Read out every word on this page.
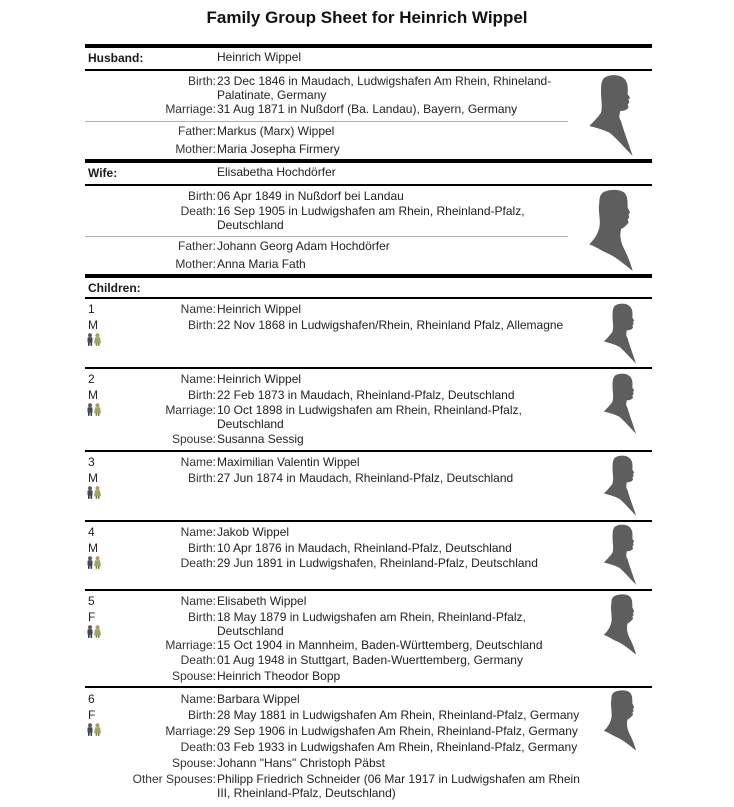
Family Group Sheet for Heinrich Wippel
Husband:	Heinrich Wippel
Birth: 23 Dec 1846 in Maudach, Ludwigshafen Am Rhein, Rhineland-
Palatinate, Germany
Marriage: 31 Aug 1871 in Nußdorf (Ba. Landau), Bayern, Germany
Father: Markus (Marx) Wippel
Mother: Maria Josepha Firmery
Wife:	Elisabetha Hochdörfer
Birth: 06 Apr 1849 in Nußdorf bei Landau
Death: 16 Sep 1905 in Ludwigshafen am Rhein, Rheinland-Pfalz,
Deutschland
Father: Johann Georg Adam Hochdörfer
Mother: Anna Maria Fath
Children:
1
M
Name: Heinrich Wippel
Birth: 22 Nov 1868 in Ludwigshafen/Rhein, Rheinland Pfalz, Allemagne
2
M
Name: Heinrich Wippel
Birth: 22 Feb 1873 in Maudach, Rheinland-Pfalz, Deutschland
Marriage: 10 Oct 1898 in Ludwigshafen am Rhein, Rheinland-Pfalz,
Deutschland
Spouse: Susanna Sessig
3
M
Name: Maximilian Valentin Wippel
Birth: 27 Jun 1874 in Maudach, Rheinland-Pfalz, Deutschland
4
M
Name: Jakob Wippel
Birth: 10 Apr 1876 in Maudach, Rheinland-Pfalz, Deutschland
Death: 29 Jun 1891 in Ludwigshafen, Rheinland-Pfalz, Deutschland
5
F
Name: Elisabeth Wippel
Birth: 18 May 1879 in Ludwigshafen am Rhein, Rheinland-Pfalz,
Deutschland
Marriage: 15 Oct 1904 in Mannheim, Baden-Württemberg, Deutschland
Death: 01 Aug 1948 in Stuttgart, Baden-Wuerttemberg, Germany
Spouse: Heinrich Theodor Bopp
6
F
Name: Barbara Wippel
Birth: 28 May 1881 in Ludwigshafen Am Rhein, Rheinland-Pfalz, Germany
Marriage: 29 Sep 1906 in Ludwigshafen Am Rhein, Rheinland-Pfalz, Germany
Death: 03 Feb 1933 in Ludwigshafen Am Rhein, Rheinland-Pfalz, Germany
Spouse: Johann "Hans" Christoph Päbst
Other Spouses: Philipp Friedrich Schneider (06 Mar 1917 in Ludwigshafen am Rhein
III, Rheinland-Pfalz, Deutschland)
